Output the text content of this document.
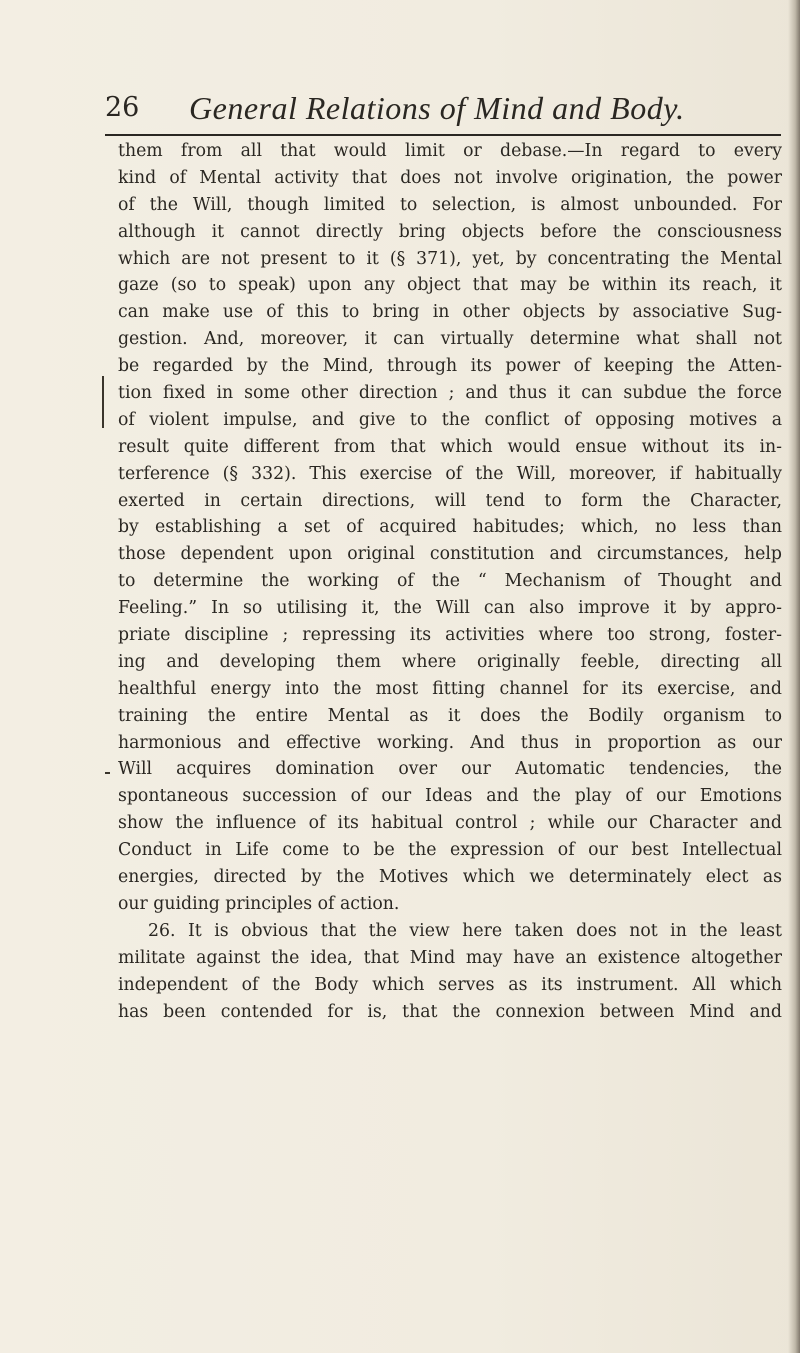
26 General Relations of Mind and Body.
them from all that would limit or debase.—In regard to every
kind of Mental activity that does not involve origination, the power
of the Will, though limited to selection, is almost unbounded. For
although it cannot directly bring objects before the consciousness
which are not present to it (§ 371), yet, by concentrating the Mental
gaze (so to speak) upon any object that may be within its reach, it
can make use of this to bring in other objects by associative Sug-
gestion. And, moreover, it can virtually determine what shall not
be regarded by the Mind, through its power of keeping the Atten-
tion fixed in some other direction ; and thus it can subdue the force
of violent impulse, and give to the conflict of opposing motives a
result quite different from that which would ensue without its in-
terference (§ 332). This exercise of the Will, moreover, if habitually
exerted in certain directions, will tend to form the Character,
by establishing a set of acquired habitudes; which, no less than
those dependent upon original constitution and circumstances, help
to determine the working of the “ Mechanism of Thought and
Feeling.” In so utilising it, the Will can also improve it by appro-
priate discipline ; repressing its activities where too strong, foster-
ing and developing them where originally feeble, directing all
healthful energy into the most fitting channel for its exercise, and
training the entire Mental as it does the Bodily organism to
harmonious and effective working. And thus in proportion as our
Will acquires domination over our Automatic tendencies, the
spontaneous succession of our Ideas and the play of our Emotions
show the influence of its habitual control ; while our Character and
Conduct in Life come to be the expression of our best Intellectual
energies, directed by the Motives which we determinately elect as
our guiding principles of action.
26. It is obvious that the view here taken does not in the least
militate against the idea, that Mind may have an existence altogether
independent of the Body which serves as its instrument. All which
has been contended for is, that the connexion between Mind and
